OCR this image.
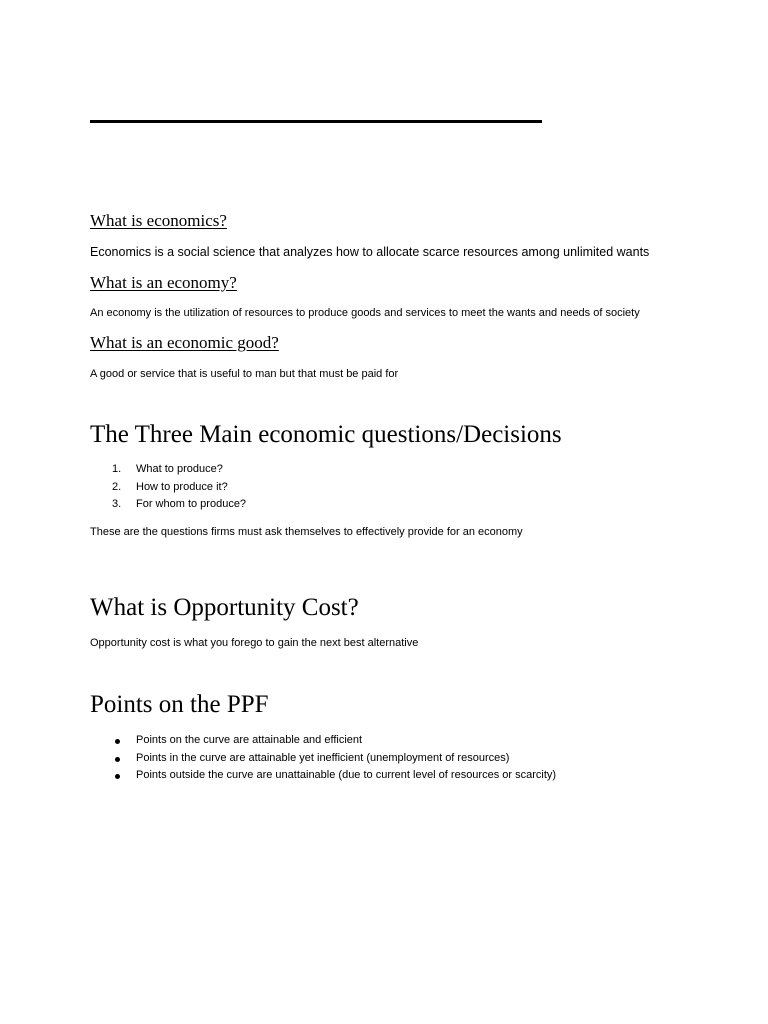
What is economics?
Economics is a social science that analyzes how to allocate scarce resources among unlimited wants
What is an economy?
An economy is the utilization of resources to produce goods and services to meet the wants and needs of society
What is an economic good?
A good or service that is useful to man but that must be paid for
The Three Main economic questions/Decisions
1.	What to produce?
2.	How to produce it?
3.	For whom to produce?
These are the questions firms must ask themselves to effectively provide for an economy
What is Opportunity Cost?
Opportunity cost is what you forego to gain the next best alternative
Points on the PPF
Points on the curve are attainable and efficient
Points in the curve are attainable yet inefficient (unemployment of resources)
Points outside the curve are unattainable (due to current level of resources or scarcity)
